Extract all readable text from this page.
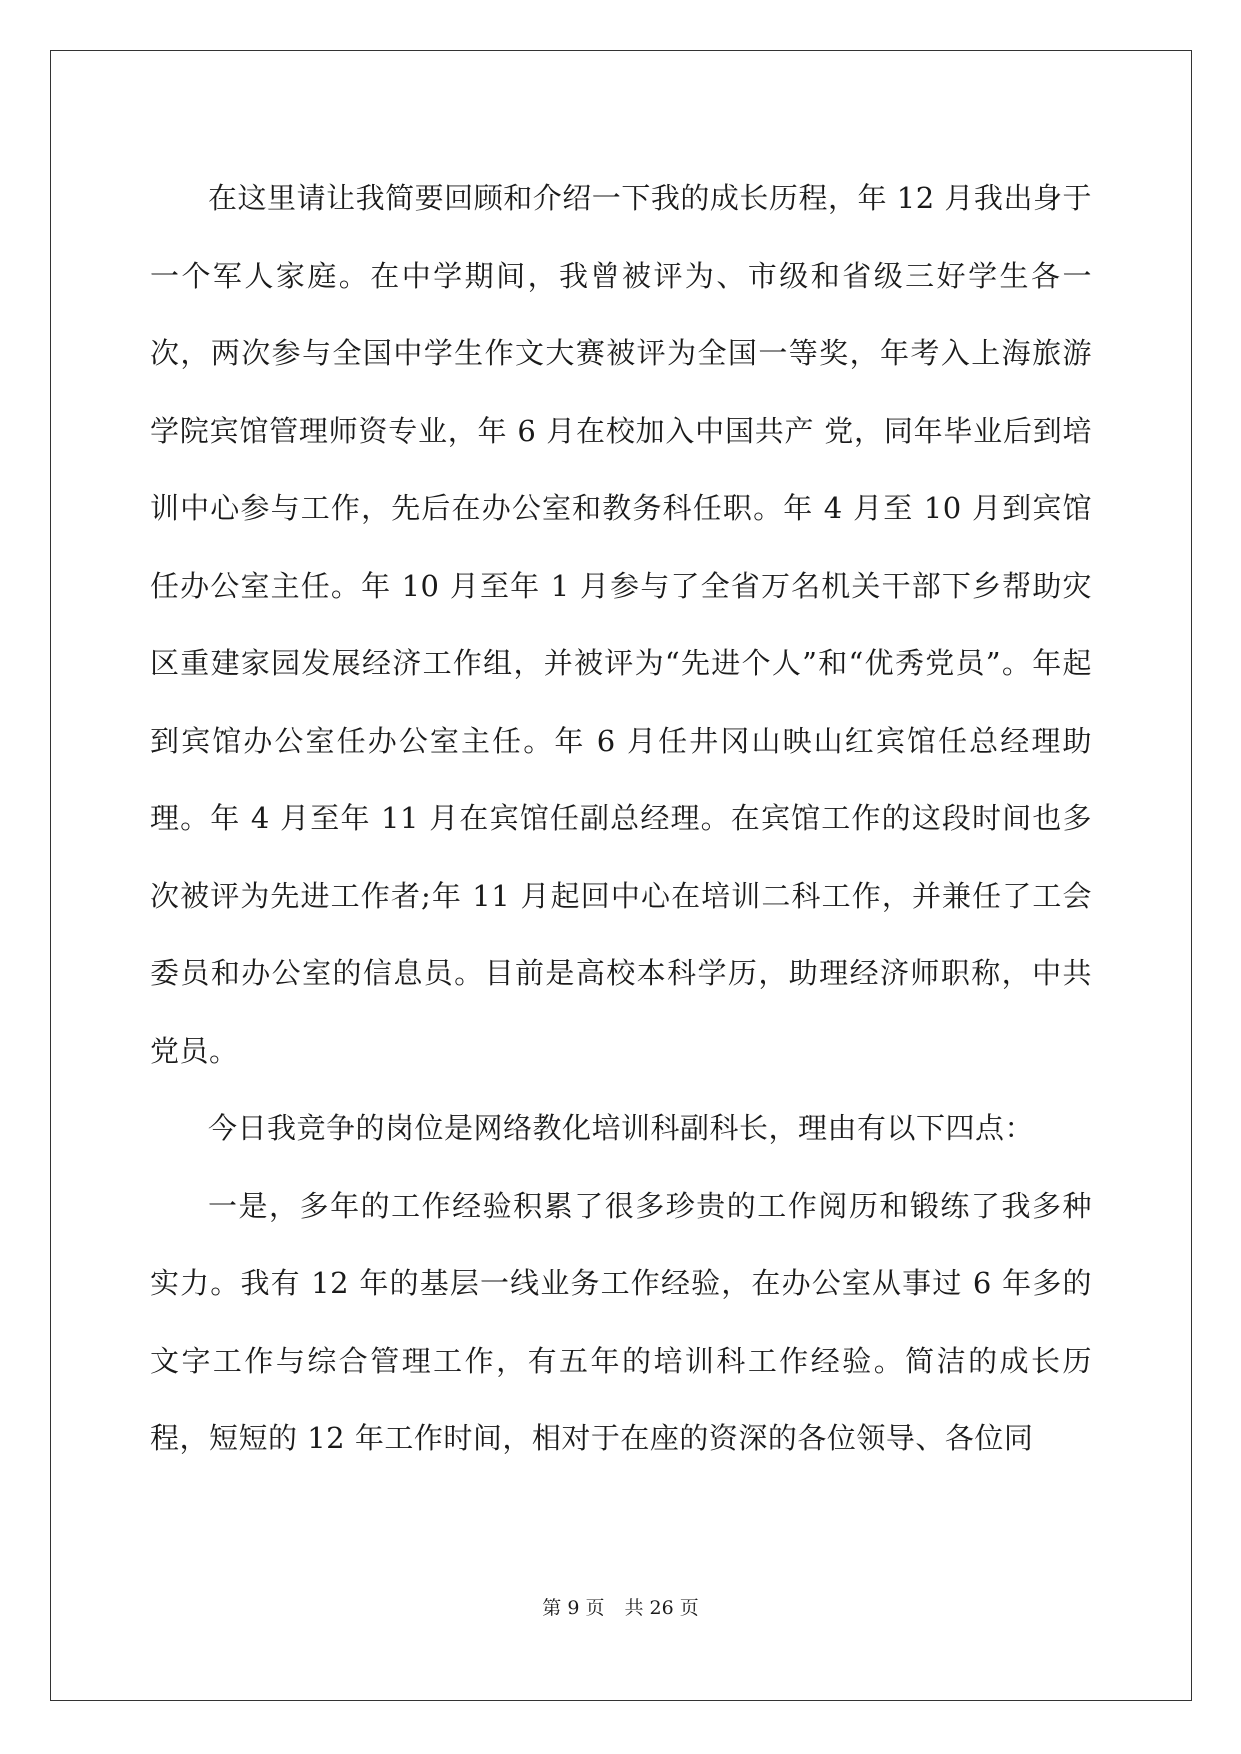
在这里请让我简要回顾和介绍一下我的成长历程，年 12 月我出身于一个军人家庭。在中学期间，我曾被评为、市级和省级三好学生各一次，两次参与全国中学生作文大赛被评为全国一等奖，年考入上海旅游学院宾馆管理师资专业，年 6 月在校加入中国共产 党，同年毕业后到培训中心参与工作，先后在办公室和教务科任职。年 4 月至 10 月到宾馆任办公室主任。年 10 月至年 1 月参与了全省万名机关干部下乡帮助灾区重建家园发展经济工作组，并被评为“先进个人”和“优秀党员”。年起到宾馆办公室任办公室主任。年 6 月任井冈山映山红宾馆任总经理助理。年 4 月至年 11 月在宾馆任副总经理。在宾馆工作的这段时间也多次被评为先进工作者;年 11 月起回中心在培训二科工作，并兼任了工会委员和办公室的信息员。目前是高校本科学历，助理经济师职称，中共党员。

今日我竞争的岗位是网络教化培训科副科长，理由有以下四点：

一是，多年的工作经验积累了很多珍贵的工作阅历和锻练了我多种实力。我有 12 年的基层一线业务工作经验，在办公室从事过 6 年多的文字工作与综合管理工作，有五年的培训科工作经验。简洁的成长历程，短短的 12 年工作时间，相对于在座的资深的各位领导、各位同

第 9 页 共 26 页
